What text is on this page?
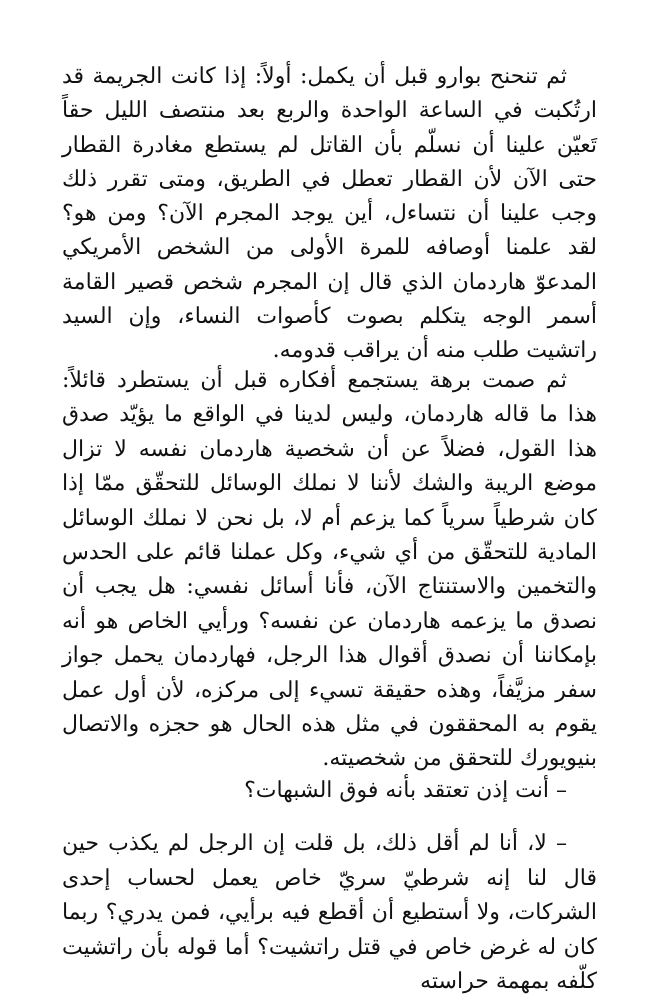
ثم تنحنح بوارو قبل أن يكمل: أولاً: إذا كانت الجريمة قد ارتُكبت في الساعة الواحدة والربع بعد منتصف الليل حقاً تَعيّن علينا أن نسلّم بأن القاتل لم يستطع مغادرة القطار حتى الآن لأن القطار تعطل في الطريق، ومتى تقرر ذلك وجب علينا أن نتساءل، أين يوجد المجرم الآن؟ ومن هو؟ لقد علمنا أوصافه للمرة الأولى من الشخص الأمريكي المدعوّ هاردمان الذي قال إن المجرم شخص قصير القامة أسمر الوجه يتكلم بصوت كأصوات النساء، وإن السيد راتشيت طلب منه أن يراقب قدومه.

ثم صمت برهة يستجمع أفكاره قبل أن يستطرد قائلاً: هذا ما قاله هاردمان، وليس لدينا في الواقع ما يؤيّد صدق هذا القول، فضلاً عن أن شخصية هاردمان نفسه لا تزال موضع الريبة والشك لأننا لا نملك الوسائل للتحقّق ممّا إذا كان شرطياً سرياً كما يزعم أم لا، بل نحن لا نملك الوسائل المادية للتحقّق من أي شيء، وكل عملنا قائم على الحدس والتخمين والاستنتاج الآن، فأنا أسائل نفسي: هل يجب أن نصدق ما يزعمه هاردمان عن نفسه؟ ورأيي الخاص هو أنه بإمكاننا أن نصدق أقوال هذا الرجل، فهاردمان يحمل جواز سفر مزيَّفاً، وهذه حقيقة تسيء إلى مركزه، لأن أول عمل يقوم به المحققون في مثل هذه الحال هو حجزه والاتصال بنيويورك للتحقق من شخصيته.

– أنت إذن تعتقد بأنه فوق الشبهات؟

– لا، أنا لم أقل ذلك، بل قلت إن الرجل لم يكذب حين قال لنا إنه شرطيّ سريّ خاص يعمل لحساب إحدى الشركات، ولا أستطيع أن أقطع فيه برأيي، فمن يدري؟ ربما كان له غرض خاص في قتل راتشيت؟ أما قوله بأن راتشيت كلّفه بمهمة حراسته
